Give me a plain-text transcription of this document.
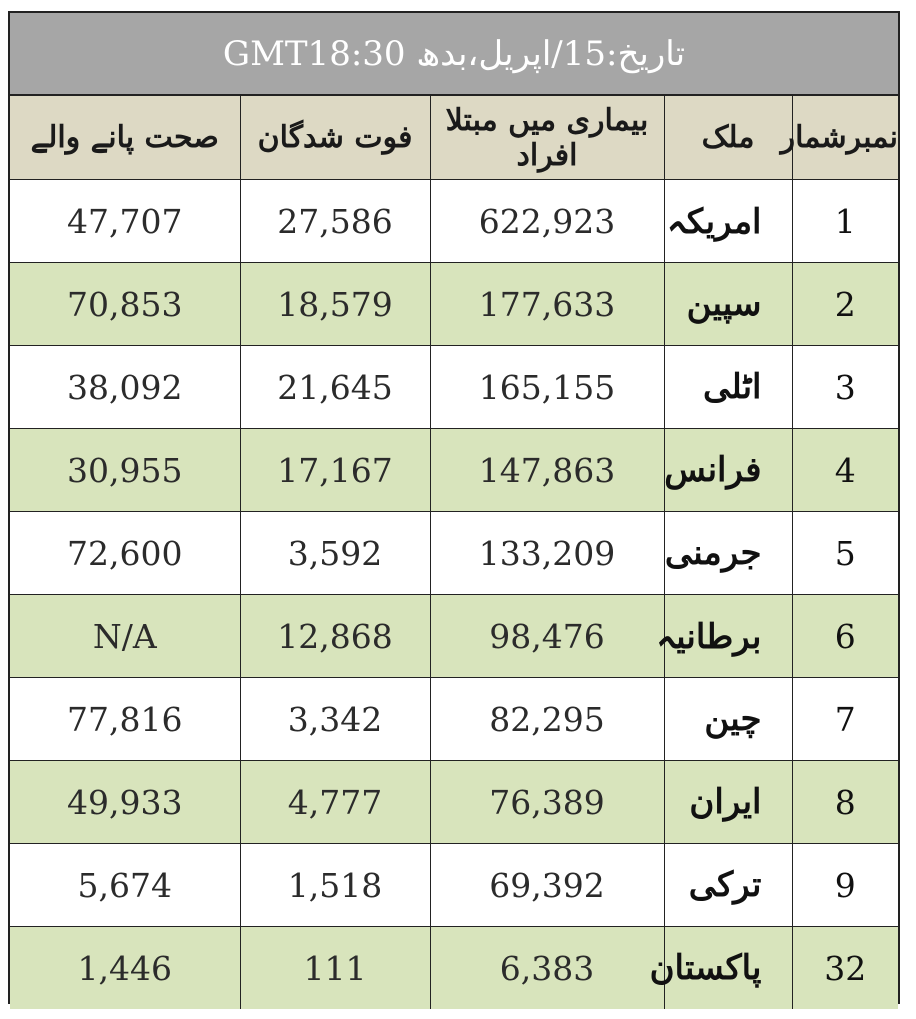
تاریخ:15/اپریل،بدھ GMT18:30
نمبرشمار	ملک	بیماری میں مبتلا افراد	فوت شدگان	صحت پانے والے
1	امریکہ	622,923	27,586	47,707
2	سپین	177,633	18,579	70,853
3	اٹلی	165,155	21,645	38,092
4	فرانس	147,863	17,167	30,955
5	جرمنی	133,209	3,592	72,600
6	برطانیہ	98,476	12,868	N/A
7	چین	82,295	3,342	77,816
8	ایران	76,389	4,777	49,933
9	ترکی	69,392	1,518	5,674
32	پاکستان	6,383	111	1,446
